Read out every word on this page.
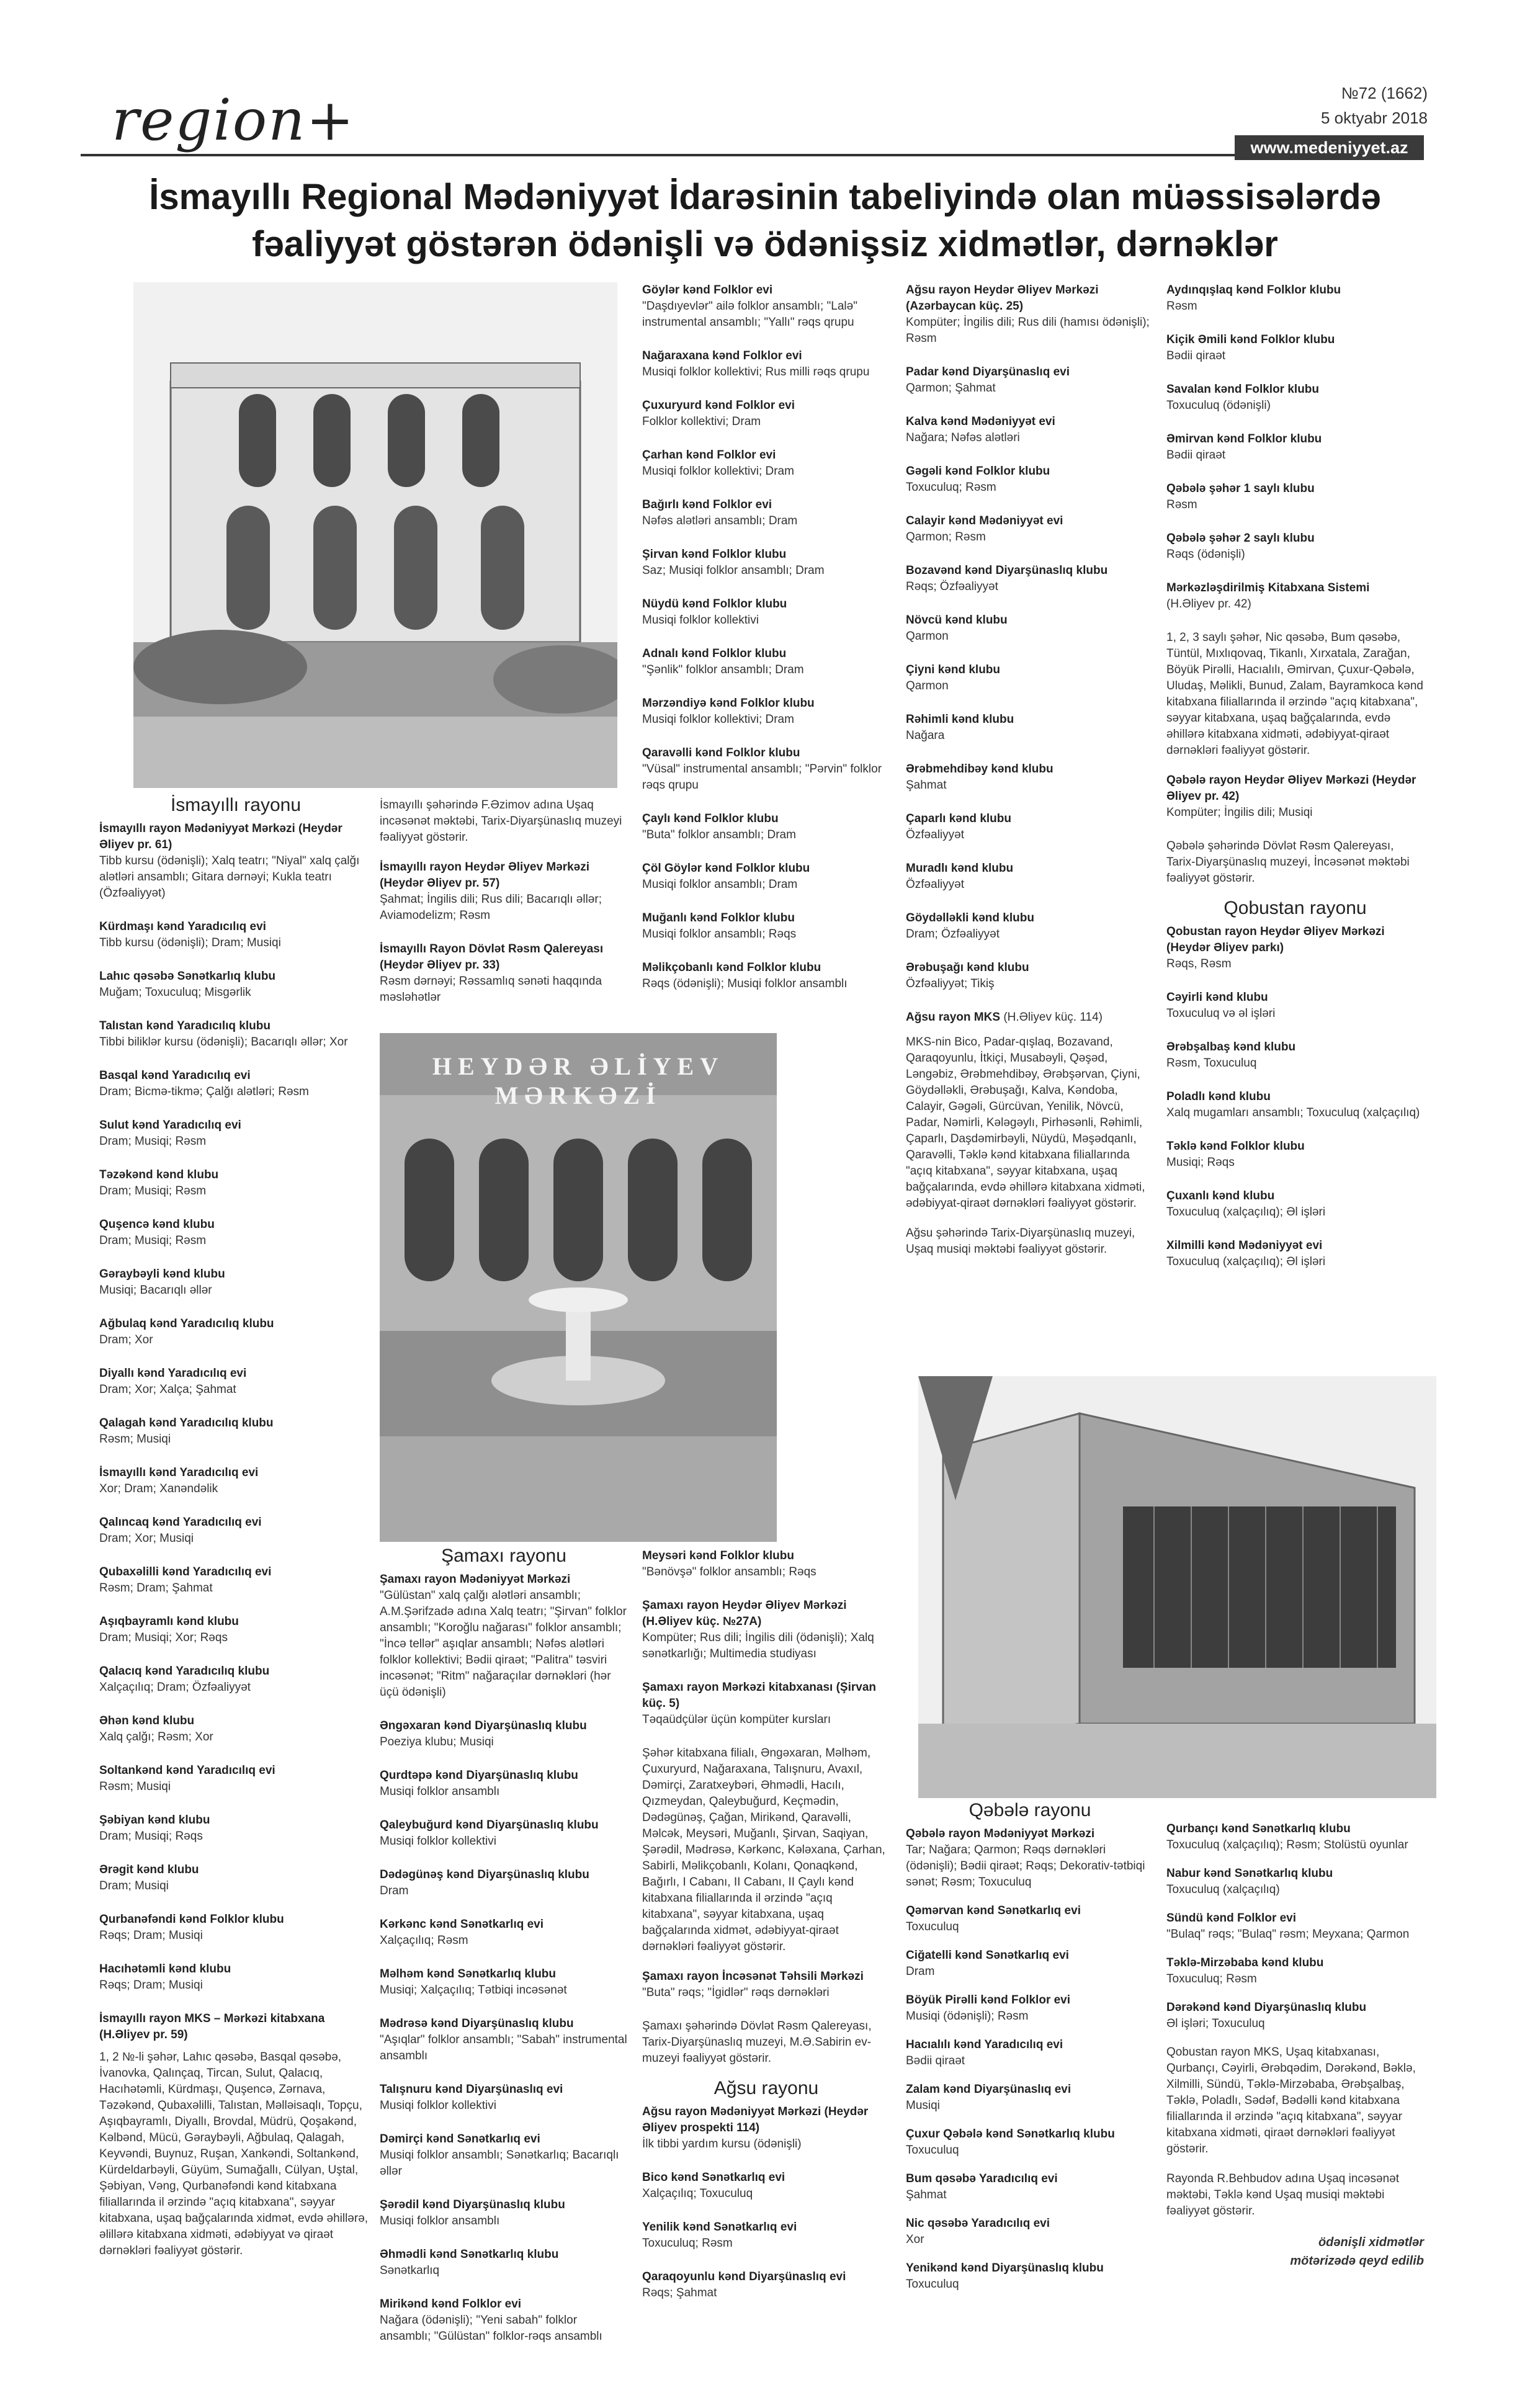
region+	№72 (1662)
5 oktyabr 2018
www.medeniyyet.az
İsmayıllı Regional Mədəniyyət İdarəsinin tabeliyində olan müəssisələrdə
fəaliyyət göstərən ödənişli və ödənişsiz xidmətlər, dərnəklər
HEYDƏR ƏLİYEV MƏRKƏZİ
İsmayıllı rayonu
İsmayıllı rayon Mədəniyyət Mərkəzi (Heydər Əliyev pr. 61)
Tibb kursu (ödənişli); Xalq teatrı; "Niyal" xalq çalğı alətləri ansamblı; Gitara dərnəyi; Kukla teatrı (Özfəaliyyət)
Kürdmaşı kənd Yaradıcılıq evi
Tibb kursu (ödənişli); Dram; Musiqi
Lahıc qəsəbə Sənətkarlıq klubu
Muğam; Toxuculuq; Misgərlik
Talıstan kənd Yaradıcılıq klubu
Tibbi biliklər kursu (ödənişli); Bacarıqlı əllər; Xor
Basqal kənd Yaradıcılıq evi
Dram; Bicmə-tikmə; Çalğı alətləri; Rəsm
Sulut kənd Yaradıcılıq evi
Dram; Musiqi; Rəsm
Təzəkənd kənd klubu
Dram; Musiqi; Rəsm
Quşencə kənd klubu
Dram; Musiqi; Rəsm
Gəraybəyli kənd klubu
Musiqi; Bacarıqlı əllər
Ağbulaq kənd Yaradıcılıq klubu
Dram; Xor
Diyallı kənd Yaradıcılıq evi
Dram; Xor; Xalça; Şahmat
Qalagah kənd Yaradıcılıq klubu
Rəsm; Musiqi
İsmayıllı kənd Yaradıcılıq evi
Xor; Dram; Xanəndəlik
Qalıncaq kənd Yaradıcılıq evi
Dram; Xor; Musiqi
Qubaxəlilli kənd Yaradıcılıq evi
Rəsm; Dram; Şahmat
Aşıqbayramlı kənd klubu
Dram; Musiqi; Xor; Rəqs
Qalacıq kənd Yaradıcılıq klubu
Xalçaçılıq; Dram; Özfəaliyyət
Əhən kənd klubu
Xalq çalğı; Rəsm; Xor
Soltankənd kənd Yaradıcılıq evi
Rəsm; Musiqi
Şəbiyan kənd klubu
Dram; Musiqi; Rəqs
Ərəgit kənd klubu
Dram; Musiqi
Qurbanəfəndi kənd Folklor klubu
Rəqs; Dram; Musiqi
Hacıhətəmli kənd klubu
Rəqs; Dram; Musiqi
İsmayıllı rayon MKS – Mərkəzi kitabxana (H.Əliyev pr. 59)
1, 2 №-li şəhər, Lahıc qəsəbə, Basqal qəsəbə, İvanovka, Qalınçaq, Tircan, Sulut, Qalacıq, Hacıhətəmli, Kürdmaşı, Quşencə, Zərnava, Təzəkənd, Qubaxəlilli, Talıstan, Məlləisaqlı, Topçu, Aşıqbayramlı, Diyallı, Brovdal, Müdrü, Qoşakənd, Kəlbənd, Mücü, Gəraybəyli, Ağbulaq, Qalagah, Keyvəndi, Buynuz, Ruşan, Xankəndi, Soltankənd, Kürdeldarbəyli, Güyüm, Sumağallı, Cülyan, Uştal, Şəbiyan, Vəng, Qurbanəfəndi kənd kitabxana filiallarında il ərzində "açıq kitabxana", səyyar kitabxana, uşaq bağçalarında xidmət, evdə əhillərə, əlillərə kitabxana xidməti, ədəbiyyat və qiraət dərnəkləri fəaliyyət göstərir.
İsmayıllı şəhərində F.Əzimov adına Uşaq incəsənət məktəbi, Tarix-Diyarşünaslıq muzeyi fəaliyyət göstərir.
İsmayıllı rayon Heydər Əliyev Mərkəzi (Heydər Əliyev pr. 57)
Şahmat; İngilis dili; Rus dili; Bacarıqlı əllər; Aviamodelizm; Rəsm
İsmayıllı Rayon Dövlət Rəsm Qalereyası (Heydər Əliyev pr. 33)
Rəsm dərnəyi; Rəssamlıq sənəti haqqında məsləhətlər
Şamaxı rayonu
Şamaxı rayon Mədəniyyət Mərkəzi
"Gülüstan" xalq çalğı alətləri ansamblı; A.M.Şərifzadə adına Xalq teatrı; "Şirvan" folklor ansamblı; "Koroğlu nağarası" folklor ansamblı; "İncə tellər" aşıqlar ansamblı; Nəfəs alətləri folklor kollektivi; Bədii qiraət; "Palitra" təsviri incəsənət; "Ritm" nağaraçılar dərnəkləri (hər üçü ödənişli)
Əngəxaran kənd Diyarşünaslıq klubu
Poeziya klubu; Musiqi
Qurdtəpə kənd Diyarşünaslıq klubu
Musiqi folklor ansamblı
Qaleybuğurd kənd Diyarşünaslıq klubu
Musiqi folklor kollektivi
Dədəgünəş kənd Diyarşünaslıq klubu
Dram
Kərkənc kənd Sənətkarlıq evi
Xalçaçılıq; Rəsm
Məlhəm kənd Sənətkarlıq klubu
Musiqi; Xalçaçılıq; Tətbiqi incəsənət
Mədrəsə kənd Diyarşünaslıq klubu
"Aşıqlar" folklor ansamblı; "Sabah" instrumental ansamblı
Talışnuru kənd Diyarşünaslıq evi
Musiqi folklor kollektivi
Dəmirçi kənd Sənətkarlıq evi
Musiqi folklor ansamblı; Sənətkarlıq; Bacarıqlı əllər
Şərədil kənd Diyarşünaslıq klubu
Musiqi folklor ansamblı
Əhmədli kənd Sənətkarlıq klubu
Sənətkarlıq
Mirikənd kənd Folklor evi
Nağara (ödənişli); "Yeni sabah" folklor ansamblı; "Gülüstan" folklor-rəqs ansamblı
Göylər kənd Folklor evi
"Daşdıyevlər" ailə folklor ansamblı; "Lalə" instrumental ansamblı; "Yallı" rəqs qrupu
Nağaraxana kənd Folklor evi
Musiqi folklor kollektivi; Rus milli rəqs qrupu
Çuxuryurd kənd Folklor evi
Folklor kollektivi; Dram
Çarhan kənd Folklor evi
Musiqi folklor kollektivi; Dram
Bağırlı kənd Folklor evi
Nəfəs alətləri ansamblı; Dram
Şirvan kənd Folklor klubu
Saz; Musiqi folklor ansamblı; Dram
Nüydü kənd Folklor klubu
Musiqi folklor kollektivi
Adnalı kənd Folklor klubu
"Şənlik" folklor ansamblı; Dram
Mərzəndiyə kənd Folklor klubu
Musiqi folklor kollektivi; Dram
Qaravəlli kənd Folklor klubu
"Vüsal" instrumental ansamblı; "Pərvin" folklor rəqs qrupu
Çaylı kənd Folklor klubu
"Buta" folklor ansamblı; Dram
Çöl Göylər kənd Folklor klubu
Musiqi folklor ansamblı; Dram
Muğanlı kənd Folklor klubu
Musiqi folklor ansamblı; Rəqs
Məlikçobanlı kənd Folklor klubu
Rəqs (ödənişli); Musiqi folklor ansamblı
Meysəri kənd Folklor klubu
"Bənövşə" folklor ansamblı; Rəqs
Şamaxı rayon Heydər Əliyev Mərkəzi (H.Əliyev küç. №27A)
Kompüter; Rus dili; İngilis dili (ödənişli); Xalq sənətkarlığı; Multimedia studiyası
Şamaxı rayon Mərkəzi kitabxanası (Şirvan küç. 5)
Təqaüdçülər üçün kompüter kursları
Şəhər kitabxana filialı, Əngəxaran, Məlhəm, Çuxuryurd, Nağaraxana, Talışnuru, Avaxıl, Dəmirçi, Zaratxeybəri, Əhmədli, Hacılı, Qızmeydan, Qaleybuğurd, Keçmədin, Dədəgünəş, Çağan, Mirikənd, Qaravəlli, Məlcək, Meysəri, Muğanlı, Şirvan, Saqiyan, Şərədil, Mədrəsə, Kərkənc, Kələxana, Çarhan, Sabirli, Məlikçobanlı, Kolanı, Qonaqkənd, Bağırlı, I Cabanı, II Cabanı, II Çaylı kənd kitabxana filiallarında il ərzində "açıq kitabxana", səyyar kitabxana, uşaq bağçalarında xidmət, ədəbiyyat-qiraət dərnəkləri fəaliyyət göstərir.
Şamaxı rayon İncəsənət Təhsili Mərkəzi
"Buta" rəqs; "İgidlər" rəqs dərnəkləri
Şamaxı şəhərində Dövlət Rəsm Qalereyası, Tarix-Diyarşünaslıq muzeyi, M.Ə.Sabirin ev-muzeyi fəaliyyət göstərir.
Ağsu rayonu
Ağsu rayon Mədəniyyət Mərkəzi (Heydər Əliyev prospekti 114)
İlk tibbi yardım kursu (ödənişli)
Bico kənd Sənətkarlıq evi
Xalçaçılıq; Toxuculuq
Yenilik kənd Sənətkarlıq evi
Toxuculuq; Rəsm
Qaraqoyunlu kənd Diyarşünaslıq evi
Rəqs; Şahmat
Ağsu rayon Heydər Əliyev Mərkəzi (Azərbaycan küç. 25)
Kompüter; İngilis dili; Rus dili (hamısı ödənişli); Rəsm
Padar kənd Diyarşünaslıq evi
Qarmon; Şahmat
Kalva kənd Mədəniyyət evi
Nağara; Nəfəs alətləri
Gəgəli kənd Folklor klubu
Toxuculuq; Rəsm
Calayir kənd Mədəniyyət evi
Qarmon; Rəsm
Bozavənd kənd Diyarşünaslıq klubu
Rəqs; Özfəaliyyət
Növcü kənd klubu
Qarmon
Çiyni kənd klubu
Qarmon
Rəhimli kənd klubu
Nağara
Ərəbmehdibəy kənd klubu
Şahmat
Çaparlı kənd klubu
Özfəaliyyət
Muradlı kənd klubu
Özfəaliyyət
Göydəlləkli kənd klubu
Dram; Özfəaliyyət
Ərəbuşağı kənd klubu
Özfəaliyyət; Tikiş
Ağsu rayon MKS (H.Əliyev küç. 114)
MKS-nin Bico, Padar-qışlaq, Bozavand, Qaraqoyunlu, İtkiçi, Musabəyli, Qəşəd, Ləngəbiz, Ərəbmehdibəy, Ərəbşərvan, Çiyni, Göydəlləkli, Ərəbuşağı, Kalva, Kəndoba, Calayir, Gəgəli, Gürcüvan, Yenilik, Növcü, Padar, Nəmirli, Kələgəylı, Pirhəsənli, Rəhimli, Çaparlı, Daşdəmirbəyli, Nüydü, Məşədqanlı, Qaravəlli, Təklə kənd kitabxana filiallarında "açıq kitabxana", səyyar kitabxana, uşaq bağçalarında, evdə əhillərə kitabxana xidməti, ədəbiyyat-qiraət dərnəkləri fəaliyyət göstərir.
Ağsu şəhərində Tarix-Diyarşünaslıq muzeyi, Uşaq musiqi məktəbi fəaliyyət göstərir.
Aydınqışlaq kənd Folklor klubu
Rəsm
Kiçik Əmili kənd Folklor klubu
Bədii qiraət
Savalan kənd Folklor klubu
Toxuculuq (ödənişli)
Əmirvan kənd Folklor klubu
Bədii qiraət
Qəbələ şəhər 1 saylı klubu
Rəsm
Qəbələ şəhər 2 saylı klubu
Rəqs (ödənişli)
Mərkəzləşdirilmiş Kitabxana Sistemi
(H.Əliyev pr. 42)
1, 2, 3 saylı şəhər, Nic qəsəbə, Bum qəsəbə, Tüntül, Mıxlıqovaq, Tikanlı, Xırxatala, Zarağan, Böyük Pirəlli, Hacıalılı, Əmirvan, Çuxur-Qəbələ, Uludaş, Məlikli, Bunud, Zalam, Bayramkoca kənd kitabxana filiallarında il ərzində "açıq kitabxana", səyyar kitabxana, uşaq bağçalarında, evdə əhillərə kitabxana xidməti, ədəbiyyat-qiraət dərnəkləri fəaliyyət göstərir.
Qəbələ rayon Heydər Əliyev Mərkəzi (Heydər Əliyev pr. 42)
Kompüter; İngilis dili; Musiqi
Qəbələ şəhərində Dövlət Rəsm Qalereyası, Tarix-Diyarşünaslıq muzeyi, İncəsənət məktəbi fəaliyyət göstərir.
Qobustan rayonu
Qobustan rayon Heydər Əliyev Mərkəzi (Heydər Əliyev parkı)
Rəqs, Rəsm
Cəyirli kənd klubu
Toxuculuq və əl işləri
Ərəbşalbaş kənd klubu
Rəsm, Toxuculuq
Poladlı kənd klubu
Xalq mugamları ansamblı; Toxuculuq (xalçaçılıq)
Təklə kənd Folklor klubu
Musiqi; Rəqs
Çuxanlı kənd klubu
Toxuculuq (xalçaçılıq); Əl işləri
Xilmilli kənd Mədəniyyət evi
Toxuculuq (xalçaçılıq); Əl işləri
Qəbələ rayonu
Qəbələ rayon Mədəniyyət Mərkəzi
Tar; Nağara; Qarmon; Rəqs dərnəkləri (ödənişli); Bədii qiraət; Rəqs; Dekorativ-tətbiqi sənət; Rəsm; Toxuculuq
Qəmərvan kənd Sənətkarlıq evi
Toxuculuq
Ciğatelli kənd Sənətkarlıq evi
Dram
Böyük Pirəlli kənd Folklor evi
Musiqi (ödənişli); Rəsm
Hacıalılı kənd Yaradıcılıq evi
Bədii qiraət
Zalam kənd Diyarşünaslıq evi
Musiqi
Çuxur Qəbələ kənd Sənətkarlıq klubu
Toxuculuq
Bum qəsəbə Yaradıcılıq evi
Şahmat
Nic qəsəbə Yaradıcılıq evi
Xor
Yenikənd kənd Diyarşünaslıq klubu
Toxuculuq
Qurbançı kənd Sənətkarlıq klubu
Toxuculuq (xalçaçılıq); Rəsm; Stolüstü oyunlar
Nabur kənd Sənətkarlıq klubu
Toxuculuq (xalçaçılıq)
Sündü kənd Folklor evi
"Bulaq" rəqs; "Bulaq" rəsm; Meyxana; Qarmon
Təklə-Mirzəbaba kənd klubu
Toxuculuq; Rəsm
Dərəkənd kənd Diyarşünaslıq klubu
Əl işləri; Toxuculuq
Qobustan rayon MKS, Uşaq kitabxanası, Qurbançı, Cəyirli, Ərəbqədim, Dərəkənd, Bəklə, Xilmilli, Sündü, Təklə-Mirzəbaba, Ərəbşalbaş, Təklə, Poladlı, Sədəf, Bədəlli kənd kitabxana filiallarında il ərzində "açıq kitabxana", səyyar kitabxana xidməti, qiraət dərnəkləri fəaliyyət göstərir.
Rayonda R.Behbudov adına Uşaq incəsənət məktəbi, Təklə kənd Uşaq musiqi məktəbi fəaliyyət göstərir.
ödənişli xidmətlər
mötərizədə qeyd edilib
